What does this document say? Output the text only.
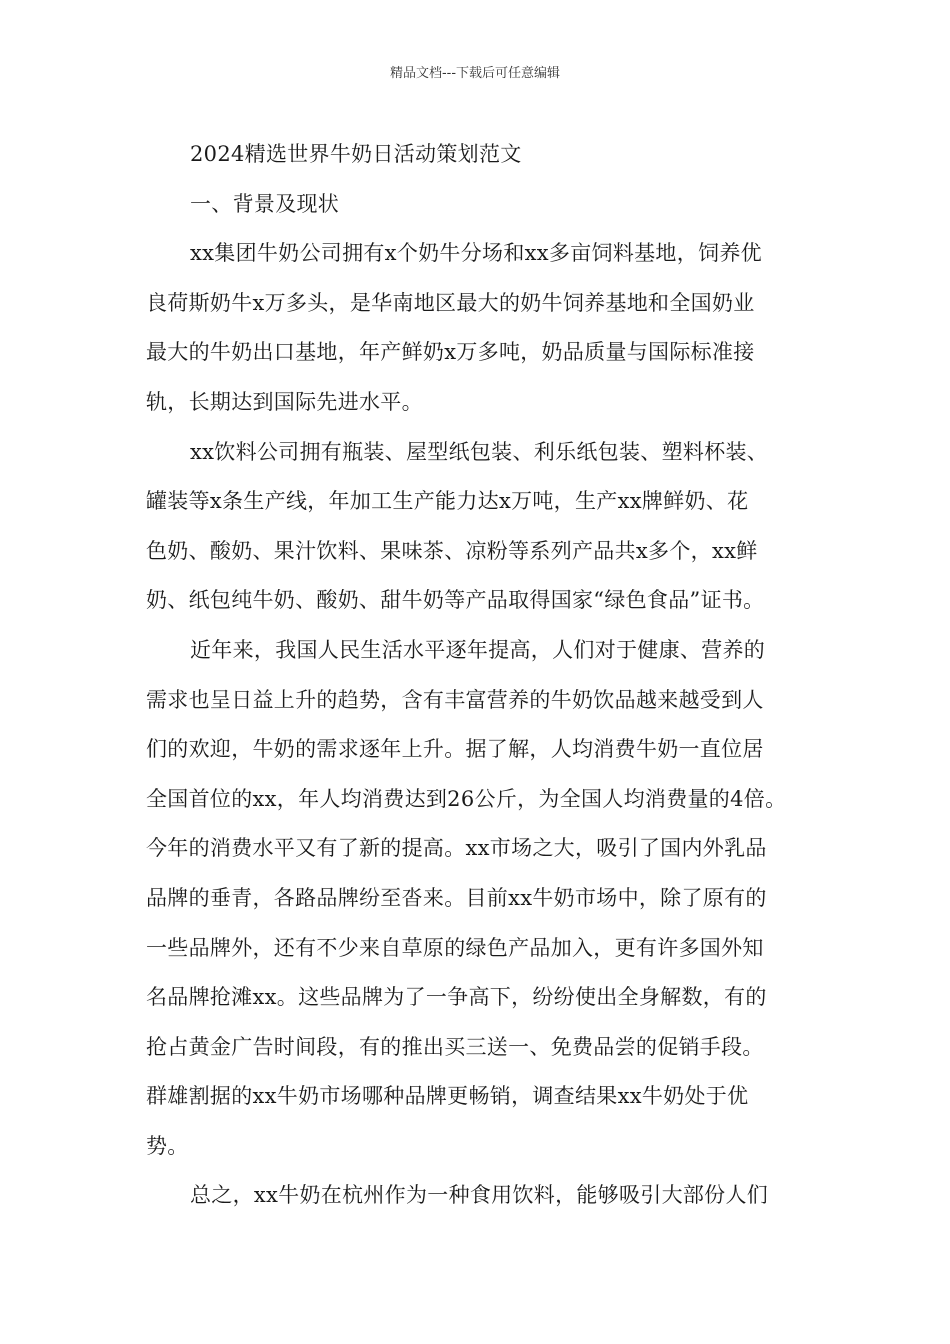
精品文档---下载后可任意编辑
2024精选世界牛奶日活动策划范文
一、背景及现状
xx集团牛奶公司拥有x个奶牛分场和xx多亩饲料基地，饲养优
良荷斯奶牛x万多头，是华南地区最大的奶牛饲养基地和全国奶业
最大的牛奶出口基地，年产鲜奶x万多吨，奶品质量与国际标准接
轨，长期达到国际先进水平。
xx饮料公司拥有瓶装、屋型纸包装、利乐纸包装、塑料杯装、
罐装等x条生产线，年加工生产能力达x万吨，生产xx牌鲜奶、花
色奶、酸奶、果汁饮料、果味茶、凉粉等系列产品共x多个，xx鲜
奶、纸包纯牛奶、酸奶、甜牛奶等产品取得国家“绿色食品”证书。
近年来，我国人民生活水平逐年提高，人们对于健康、营养的
需求也呈日益上升的趋势，含有丰富营养的牛奶饮品越来越受到人
们的欢迎，牛奶的需求逐年上升。据了解，人均消费牛奶一直位居
全国首位的xx，年人均消费达到26公斤，为全国人均消费量的4倍。
今年的消费水平又有了新的提高。xx市场之大，吸引了国内外乳品
品牌的垂青，各路品牌纷至沓来。目前xx牛奶市场中，除了原有的
一些品牌外，还有不少来自草原的绿色产品加入，更有许多国外知
名品牌抢滩xx。这些品牌为了一争高下，纷纷使出全身解数，有的
抢占黄金广告时间段，有的推出买三送一、免费品尝的促销手段。
群雄割据的xx牛奶市场哪种品牌更畅销，调查结果xx牛奶处于优
势。
总之，xx牛奶在杭州作为一种食用饮料，能够吸引大部份人们
